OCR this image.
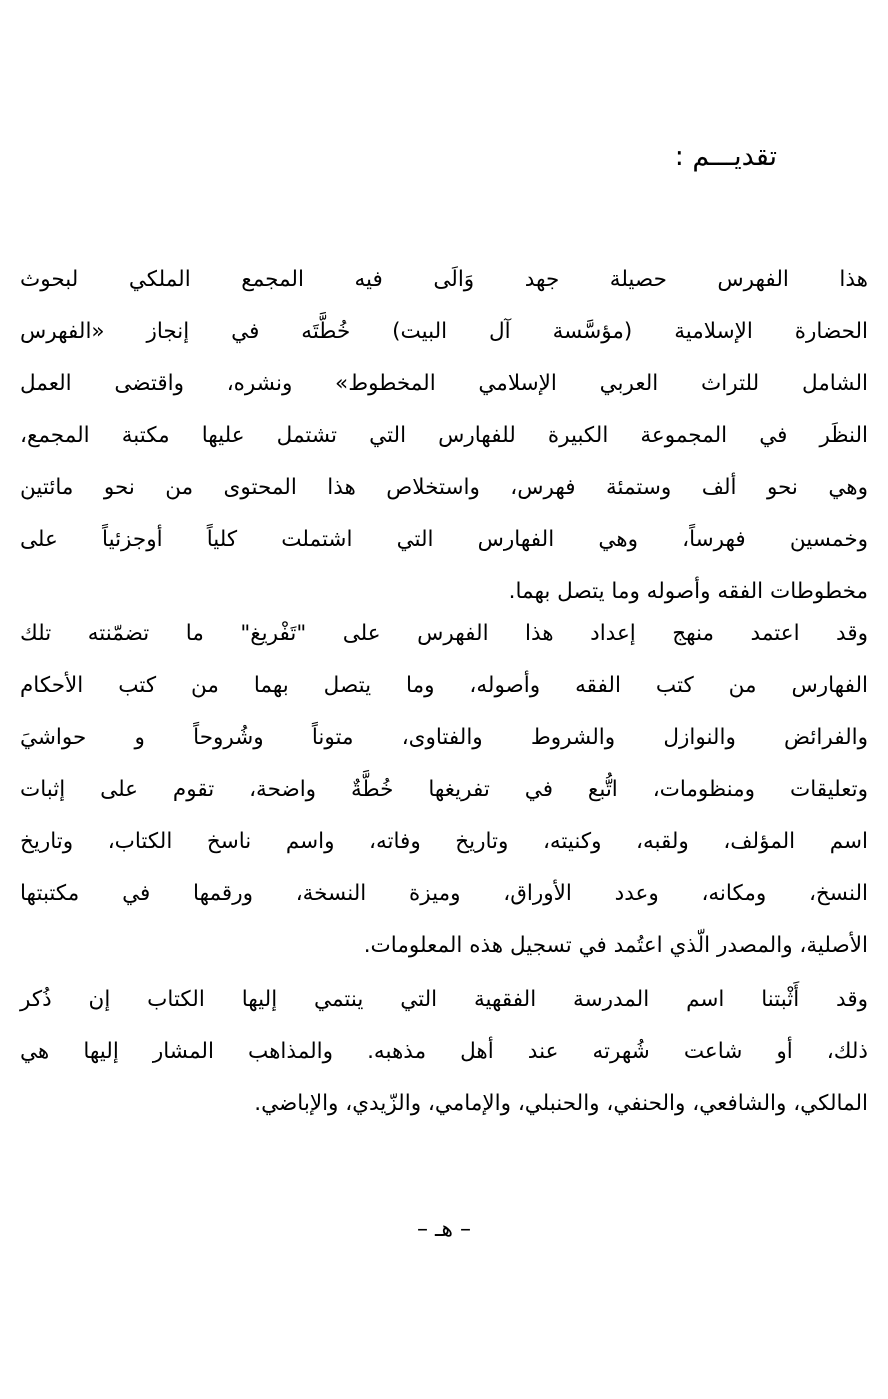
تقديـــم :
هذا الفهرس حصيلة جهد وَالَى فيه المجمع الملكي لبحوث
الحضارة الإسلامية (مؤسَّسة آل البيت) خُطَّتَه في إنجاز «الفهرس
الشامل للتراث العربي الإسلامي المخطوط» ونشره، واقتضى العمل
النظَر في المجموعة الكبيرة للفهارس التي تشتمل عليها مكتبة المجمع،
وهي نحو ألف وستمئة فهرس، واستخلاص هذا المحتوى من نحو مائتين
وخمسين فهرساً، وهي الفهارس التي اشتملت كلياً أوجزئياً على
مخطوطات الفقه وأصوله وما يتصل بهما.
وقد اعتمد منهج إعداد هذا الفهرس على "تَفْريغ" ما تضمّنته تلك
الفهارس من كتب الفقه وأصوله، وما يتصل بهما من كتب الأحكام
والفرائض والنوازل والشروط والفتاوى، متوناً وشُروحاً و حواشيَ
وتعليقات ومنظومات، اتُّبع في تفريغها خُطَّةٌ واضحة، تقوم على إثبات
اسم المؤلف، ولقبه، وكنيته، وتاريخ وفاته، واسم ناسخ الكتاب، وتاريخ
النسخ، ومكانه، وعدد الأوراق، وميزة النسخة، ورقمها في مكتبتها
الأصلية، والمصدر الّذي اعتُمد في تسجيل هذه المعلومات.
وقد أَثْبتنا اسم المدرسة الفقهية التي ينتمي إليها الكتاب إن ذُكر
ذلك، أو شاعت شُهرته عند أهل مذهبه. والمذاهب المشار إليها هي
المالكي، والشافعي، والحنفي، والحنبلي، والإمامي، والزّيدي، والإباضي.
– هـ –
